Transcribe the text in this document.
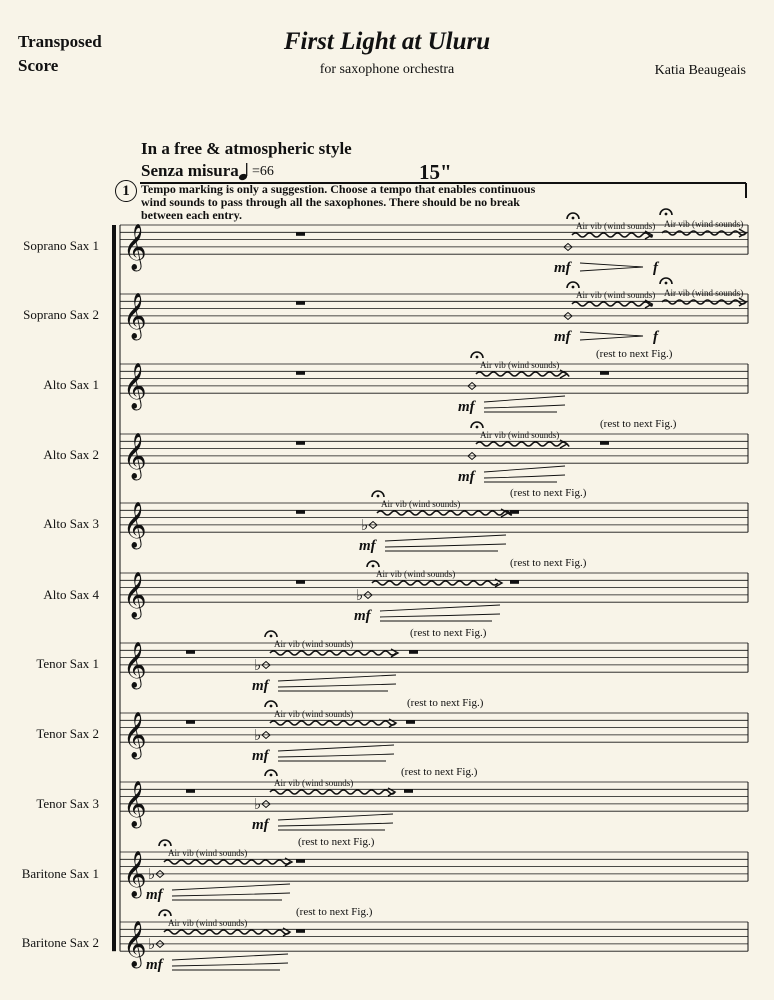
Transposed Score
First Light at Uluru
for saxophone orchestra	Katia Beaugeais
In a free & atmospheric style
Senza misura =66	15"
1 Tempo marking is only a suggestion. Choose a tempo that enables continuous wind sounds to pass through all the saxophones. There should be no break between each entry.
Soprano Sax 1
Soprano Sax 2
Alto Sax 1
Alto Sax 2
Alto Sax 3
Alto Sax 4
Tenor Sax 1
Tenor Sax 2
Tenor Sax 3
Baritone Sax 1
Baritone Sax 2
𝄞	Air vib (wind sounds)
mf	f
Air vib (wind sounds)
𝄞	Air vib (wind sounds)
mf	f
Air vib (wind sounds)
𝄞	Air vib (wind sounds)
mf
(rest to next Fig.)
𝄞	Air vib (wind sounds)
mf
(rest to next Fig.)
𝄞	Air vib (wind sounds)
♭
mf
(rest to next Fig.)
𝄞	Air vib (wind sounds)
♭
mf
(rest to next Fig.)
𝄞	Air vib (wind sounds)
♭
mf
(rest to next Fig.)
𝄞	Air vib (wind sounds)
♭
mf
(rest to next Fig.)
𝄞	Air vib (wind sounds)
♭
mf
(rest to next Fig.)
𝄞 Air vib (wind sounds)
♭
mf
(rest to next Fig.)
𝄞 Air vib (wind sounds)
♭
mf
(rest to next Fig.)
